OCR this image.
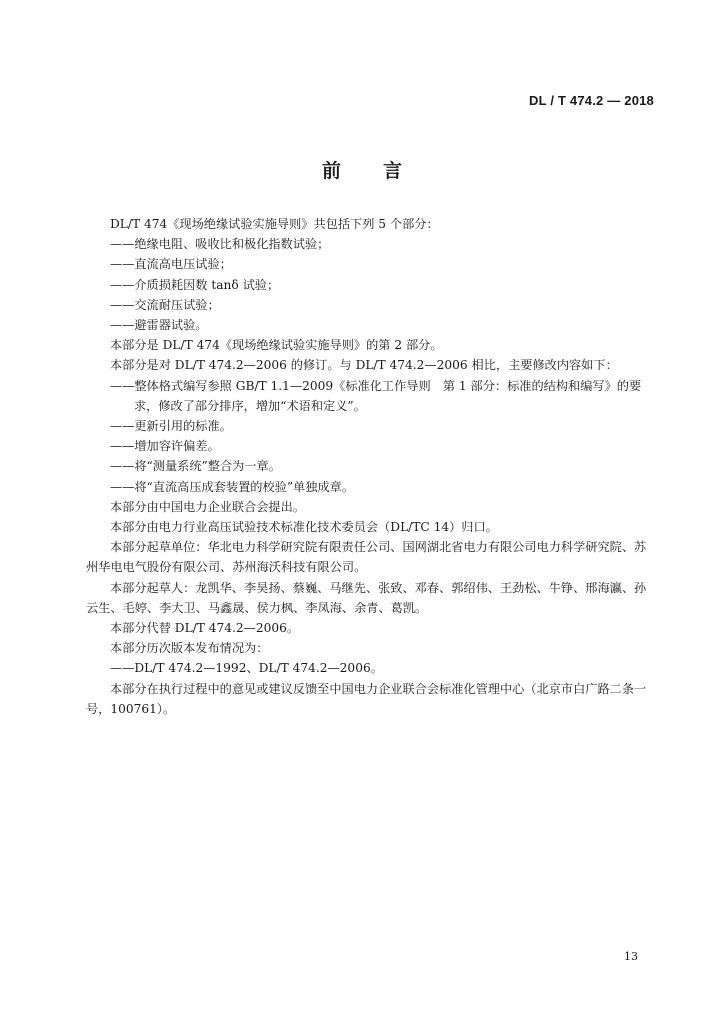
DL / T 474.2 — 2018
前 言

DL/T 474《现场绝缘试验实施导则》共包括下列 5 个部分：

——绝缘电阻、吸收比和极化指数试验；

——直流高电压试验；

——介质损耗因数 tanδ 试验；

——交流耐压试验；

——避雷器试验。

本部分是 DL/T 474《现场绝缘试验实施导则》的第 2 部分。

本部分是对 DL/T 474.2—2006 的修订。与 DL/T 474.2—2006 相比，主要修改内容如下：

——整体格式编写参照 GB/T 1.1—2009《标准化工作导则　第 1 部分：标准的结构和编写》的要求，修改了部分排序，增加“术语和定义”。

——更新引用的标准。

——增加容许偏差。

——将“测量系统”整合为一章。

——将“直流高压成套装置的校验”单独成章。

本部分由中国电力企业联合会提出。

本部分由电力行业高压试验技术标准化技术委员会（DL/TC 14）归口。

本部分起草单位：华北电力科学研究院有限责任公司、国网湖北省电力有限公司电力科学研究院、苏州华电电气股份有限公司、苏州海沃科技有限公司。

本部分起草人：龙凯华、李昊扬、蔡巍、马继先、张致、邓春、郭绍伟、王劲松、牛铮、邢海瀛、孙云生、毛婷、李大卫、马鑫晟、侯力枫、李凤海、余青、葛凯。

本部分代替 DL/T 474.2—2006。

本部分历次版本发布情况为：

——DL/T 474.2—1992、DL/T 474.2—2006。

本部分在执行过程中的意见或建议反馈至中国电力企业联合会标准化管理中心（北京市白广路二条一号，100761）。

13
